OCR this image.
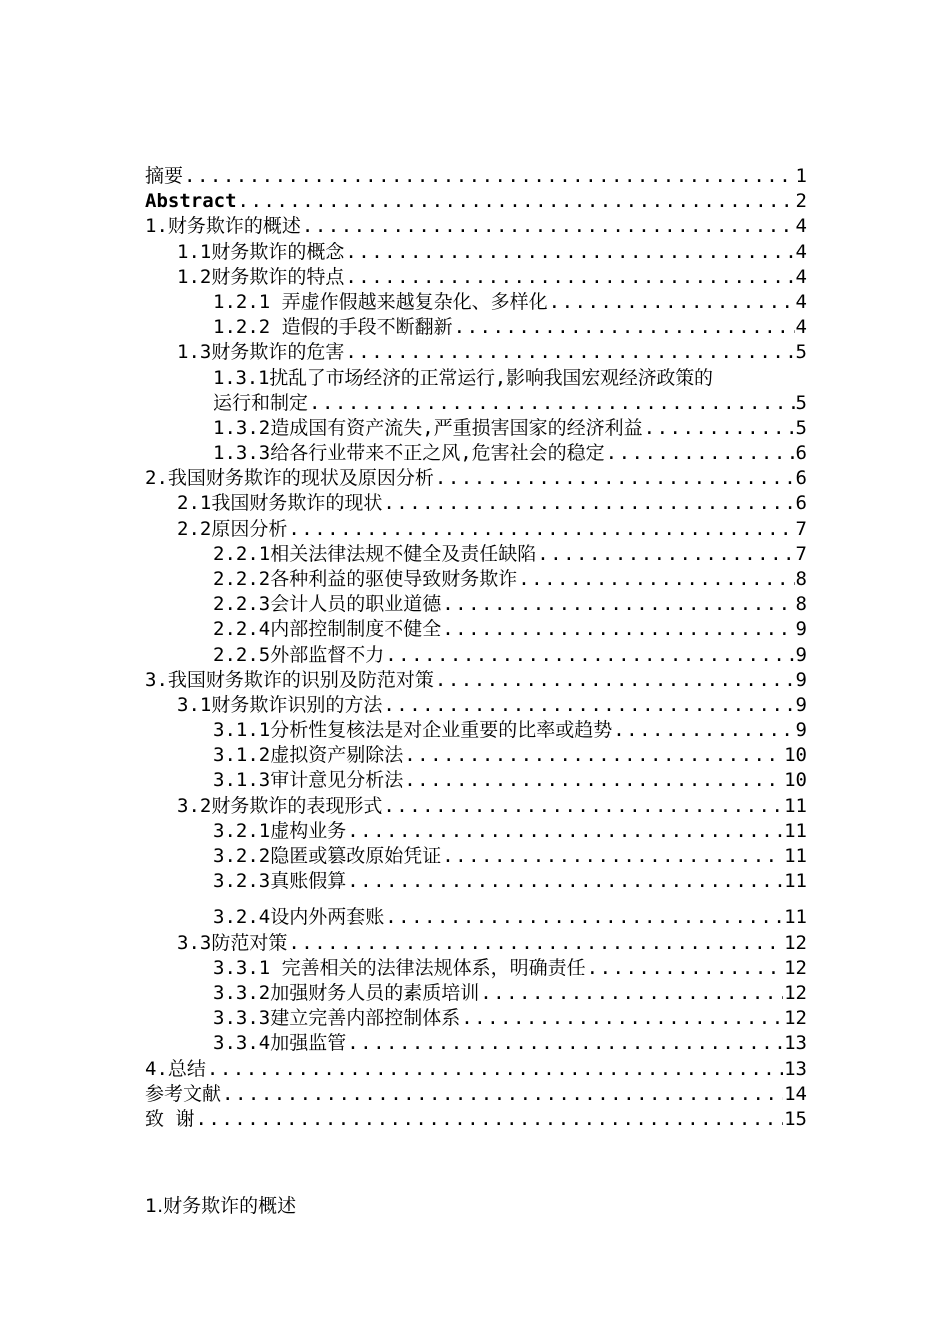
摘要 .....	1
Abstract .....	2
1.财务欺诈的概述 .....	4
1.1财务欺诈的概念 .....	4
1.2财务欺诈的特点 .....	4
1.2.1 弄虚作假越来越复杂化、多样化 .....	4
1.2.2 造假的手段不断翻新 .....	4
1.3财务欺诈的危害 .....	5
1.3.1扰乱了市场经济的正常运行,影响我国宏观经济政策的
运行和制定 .....	5
1.3.2造成国有资产流失,严重损害国家的经济利益 .....	5
1.3.3给各行业带来不正之风,危害社会的稳定 .....	6
2.我国财务欺诈的现状及原因分析 .....	6
2.1我国财务欺诈的现状 .....	6
2.2原因分析 .....	7
2.2.1相关法律法规不健全及责任缺陷 .....	7
2.2.2各种利益的驱使导致财务欺诈 .....	8
2.2.3会计人员的职业道德 .....	8
2.2.4内部控制制度不健全 .....	9
2.2.5外部监督不力 .....	9
3.我国财务欺诈的识别及防范对策 .....	9
3.1财务欺诈识别的方法 .....	9
3.1.1分析性复核法是对企业重要的比率或趋势 .....	9
3.1.2虚拟资产剔除法 .....	10
3.1.3审计意见分析法 .....	10
3.2财务欺诈的表现形式 .....	11
3.2.1虚构业务 .....	11
3.2.2隐匿或篡改原始凭证 .....	11
3.2.3真账假算 .....	11
3.2.4设内外两套账 .....	11
3.3防范对策 .....	12
3.3.1 完善相关的法律法规体系，明确责任 .....	12
3.3.2加强财务人员的素质培训 .....	12
3.3.3建立完善内部控制体系 .....	12
3.3.4加强监管 .....	13
4.总结 .....	13
参考文献 .....	14
致 谢 .....	15
1.财务欺诈的概述
